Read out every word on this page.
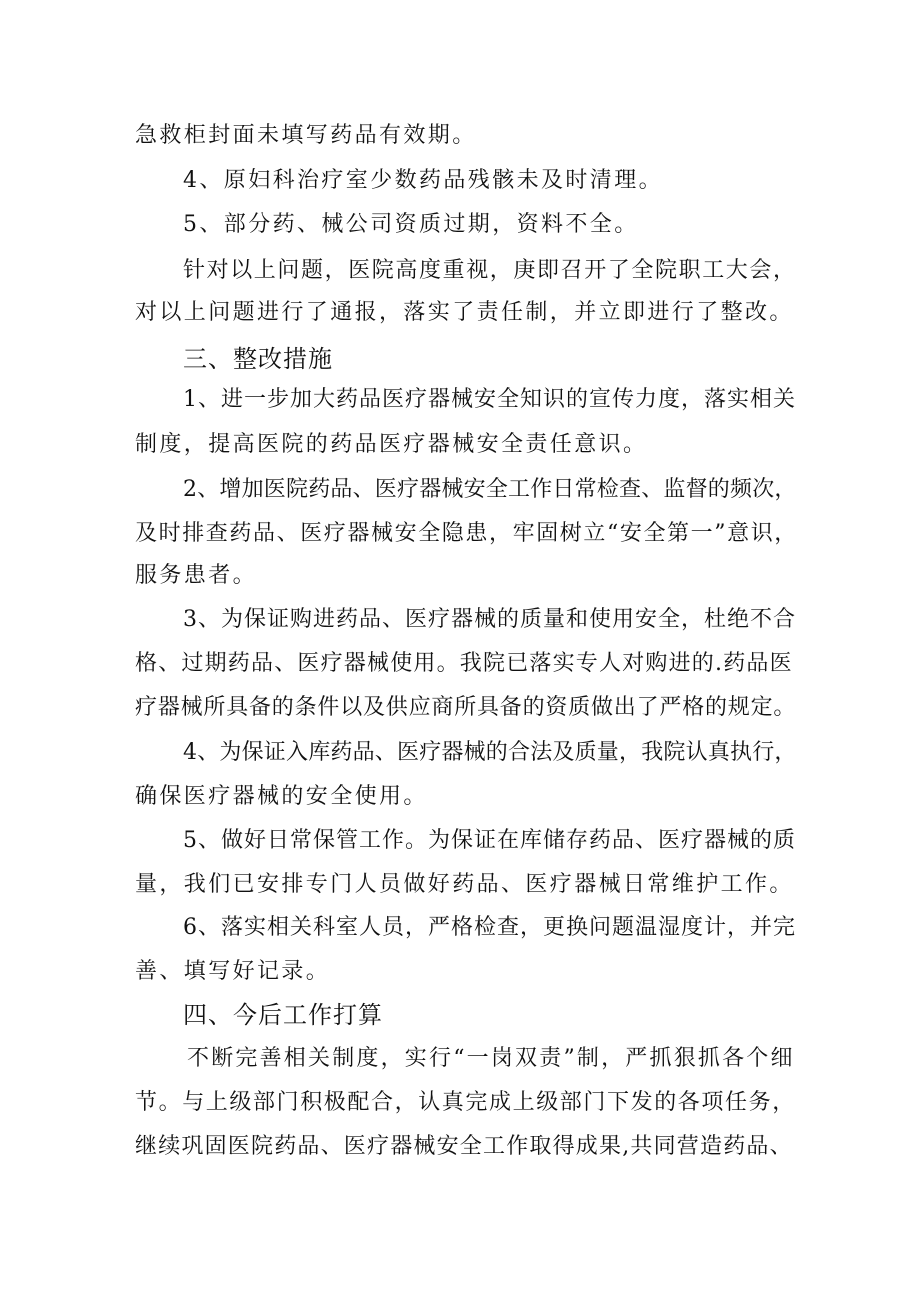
急救柜封面未填写药品有效期。
4、原妇科治疗室少数药品残骸未及时清理。
5、部分药、械公司资质过期，资料不全。
针对以上问题，医院高度重视，庚即召开了全院职工大会，
对以上问题进行了通报，落实了责任制，并立即进行了整改。
三、整改措施
1、进一步加大药品医疗器械安全知识的宣传力度，落实相关
制度，提高医院的药品医疗器械安全责任意识。
2、增加医院药品、医疗器械安全工作日常检查、监督的频次，
及时排查药品、医疗器械安全隐患，牢固树立“安全第一”意识，
服务患者。
3、为保证购进药品、医疗器械的质量和使用安全，杜绝不合
格、过期药品、医疗器械使用。我院已落实专人对购进的.药品医
疗器械所具备的条件以及供应商所具备的资质做出了严格的规定。
4、为保证入库药品、医疗器械的合法及质量，我院认真执行，
确保医疗器械的安全使用。
5、做好日常保管工作。为保证在库储存药品、医疗器械的质
量，我们已安排专门人员做好药品、医疗器械日常维护工作。
6、落实相关科室人员，严格检查，更换问题温湿度计，并完
善、填写好记录。
四、今后工作打算
不断完善相关制度，实行“一岗双责”制，严抓狠抓各个细
节。与上级部门积极配合，认真完成上级部门下发的各项任务，
继续巩固医院药品、医疗器械安全工作取得成果,共同营造药品、
